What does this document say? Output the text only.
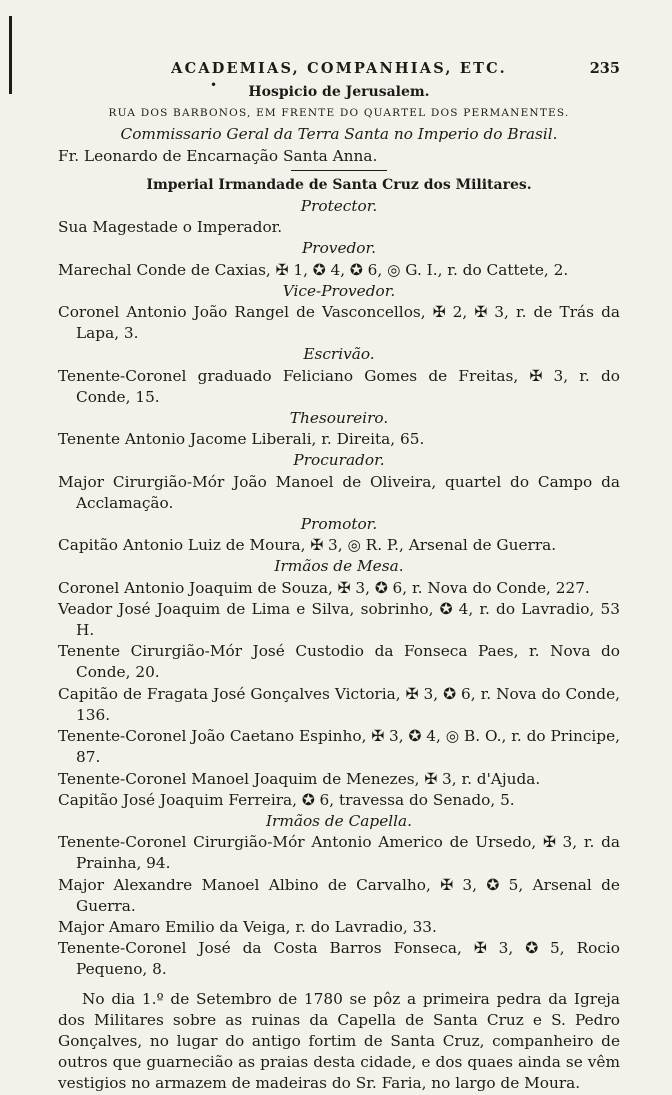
ACADEMIAS, COMPANHIAS, ETC.	235
•	Hospicio de Jerusalem.
RUA DOS BARBONOS, EM FRENTE DO QUARTEL DOS PERMANENTES.
Commissario Geral da Terra Santa no Imperio do Brasil.
Fr. Leonardo de Encarnação Santa Anna.
Imperial Irmandade de Santa Cruz dos Militares.
Protector.
Sua Magestade o Imperador.
Provedor.
Marechal Conde de Caxias, ✠ 1, ✪ 4, ✪ 6, ◎ G. I., r. do Cattete, 2.
Vice-Provedor.
Coronel Antonio João Rangel de Vasconcellos, ✠ 2, ✠ 3, r. de Trás da Lapa, 3.
Escrivão.
Tenente-Coronel graduado Feliciano Gomes de Freitas, ✠ 3, r. do Conde, 15.
Thesoureiro.
Tenente Antonio Jacome Liberali, r. Direita, 65.
Procurador.
Major Cirurgião-Mór João Manoel de Oliveira, quartel do Campo da Acclamação.
Promotor.
Capitão Antonio Luiz de Moura, ✠ 3, ◎ R. P., Arsenal de Guerra.
Irmãos de Mesa.
Coronel Antonio Joaquim de Souza, ✠ 3, ✪ 6, r. Nova do Conde, 227.
Veador José Joaquim de Lima e Silva, sobrinho, ✪ 4, r. do Lavradio, 53 H.
Tenente Cirurgião-Mór José Custodio da Fonseca Paes, r. Nova do Conde, 20.
Capitão de Fragata José Gonçalves Victoria, ✠ 3, ✪ 6, r. Nova do Conde, 136.
Tenente-Coronel João Caetano Espinho, ✠ 3, ✪ 4, ◎ B. O., r. do Principe, 87.
Tenente-Coronel Manoel Joaquim de Menezes, ✠ 3, r. d'Ajuda.
Capitão José Joaquim Ferreira, ✪ 6, travessa do Senado, 5.
Irmãos de Capella.
Tenente-Coronel Cirurgião-Mór Antonio Americo de Ursedo, ✠ 3, r. da Prainha, 94.
Major Alexandre Manoel Albino de Carvalho, ✠ 3, ✪ 5, Arsenal de Guerra.
Major Amaro Emilio da Veiga, r. do Lavradio, 33.
Tenente-Coronel José da Costa Barros Fonseca, ✠ 3, ✪ 5, Rocio Pequeno, 8.
No dia 1.º de Setembro de 1780 se pôz a primeira pedra da Igreja dos Militares sobre as ruinas da Capella de Santa Cruz e S. Pedro Gonçalves, no lugar do antigo fortim de Santa Cruz, companheiro de outros que guarnecião as praias desta cidade, e dos quaes ainda se vêm vestigios no armazem de madeiras do Sr. Faria, no largo de Moura.
